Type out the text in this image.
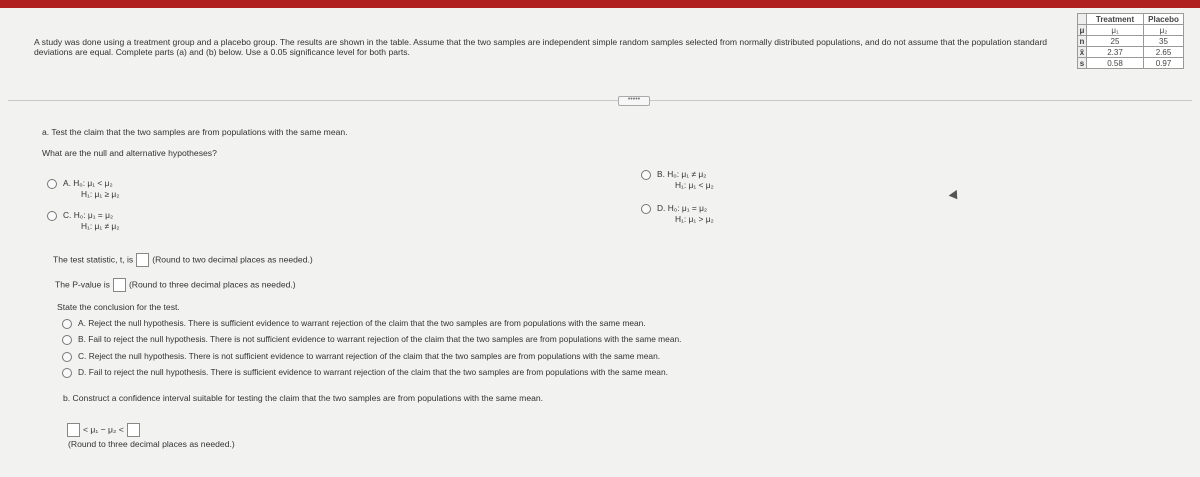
A study was done using a treatment group and a placebo group. The results are shown in the table. Assume that the two samples are independent simple random samples selected from normally distributed populations, and do not assume that the population standard deviations are equal. Complete parts (a) and (b) below. Use a 0.05 significance level for both parts.
	Treatment	Placebo
μ	μ₁	μ₂
n	25	35
x̄	2.37	2.65
s	0.58	0.97
•••••
a. Test the claim that the two samples are from populations with the same mean.
What are the null and alternative hypotheses?
A. H₀: μ₁ < μ₂
H₁: μ₁ ≥ μ₂
C. H₀: μ₁ = μ₂
H₁: μ₁ ≠ μ₂
B. H₀: μ₁ ≠ μ₂
H₁: μ₁ < μ₂
D. H₀: μ₁ = μ₂
H₁: μ₁ > μ₂
The test statistic, t, is (Round to two decimal places as needed.)
The P-value is (Round to three decimal places as needed.)
State the conclusion for the test.
A. Reject the null hypothesis. There is sufficient evidence to warrant rejection of the claim that the two samples are from populations with the same mean.
B. Fail to reject the null hypothesis. There is not sufficient evidence to warrant rejection of the claim that the two samples are from populations with the same mean.
C. Reject the null hypothesis. There is not sufficient evidence to warrant rejection of the claim that the two samples are from populations with the same mean.
D. Fail to reject the null hypothesis. There is sufficient evidence to warrant rejection of the claim that the two samples are from populations with the same mean.
b. Construct a confidence interval suitable for testing the claim that the two samples are from populations with the same mean.
< μ₁ − μ₂ <
(Round to three decimal places as needed.)
